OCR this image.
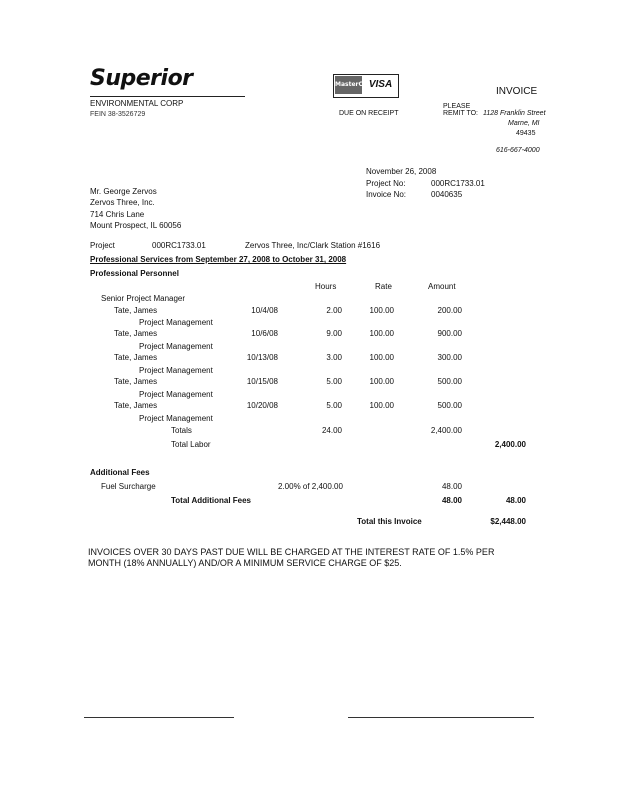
Superior
ENVIRONMENTAL CORP
FEIN 38-3526729
MasterCard
VISA
INVOICE
DUE ON RECEIPT
PLEASE
REMIT TO: 1128 Franklin Street
Marne, MI
49435
616-667-4000
November 26, 2008
Project No:	000RC1733.01
Invoice No:	0040635
Mr. George Zervos
Zervos Three, Inc.
714 Chris Lane
Mount Prospect, IL 60056
Project	000RC1733.01	Zervos Three, Inc/Clark Station #1616
Professional Services from September 27, 2008 to October 31, 2008
Professional Personnel
Hours	Rate	Amount
Senior Project Manager
Tate, James	10/4/08	2.00	100.00	200.00
Project Management
Tate, James	10/6/08	9.00	100.00	900.00
Project Management
Tate, James	10/13/08	3.00	100.00	300.00
Project Management
Tate, James	10/15/08	5.00	100.00	500.00
Project Management
Tate, James	10/20/08	5.00	100.00	500.00
Project Management
Totals	24.00	2,400.00
Total Labor	2,400.00
Additional Fees
Fuel Surcharge	2.00% of 2,400.00	48.00
Total Additional Fees	48.00	48.00
Total this Invoice	$2,448.00
INVOICES OVER 30 DAYS PAST DUE WILL BE CHARGED AT THE INTEREST RATE OF 1.5% PER
MONTH (18% ANNUALLY) AND/OR A MINIMUM SERVICE CHARGE OF $25.
